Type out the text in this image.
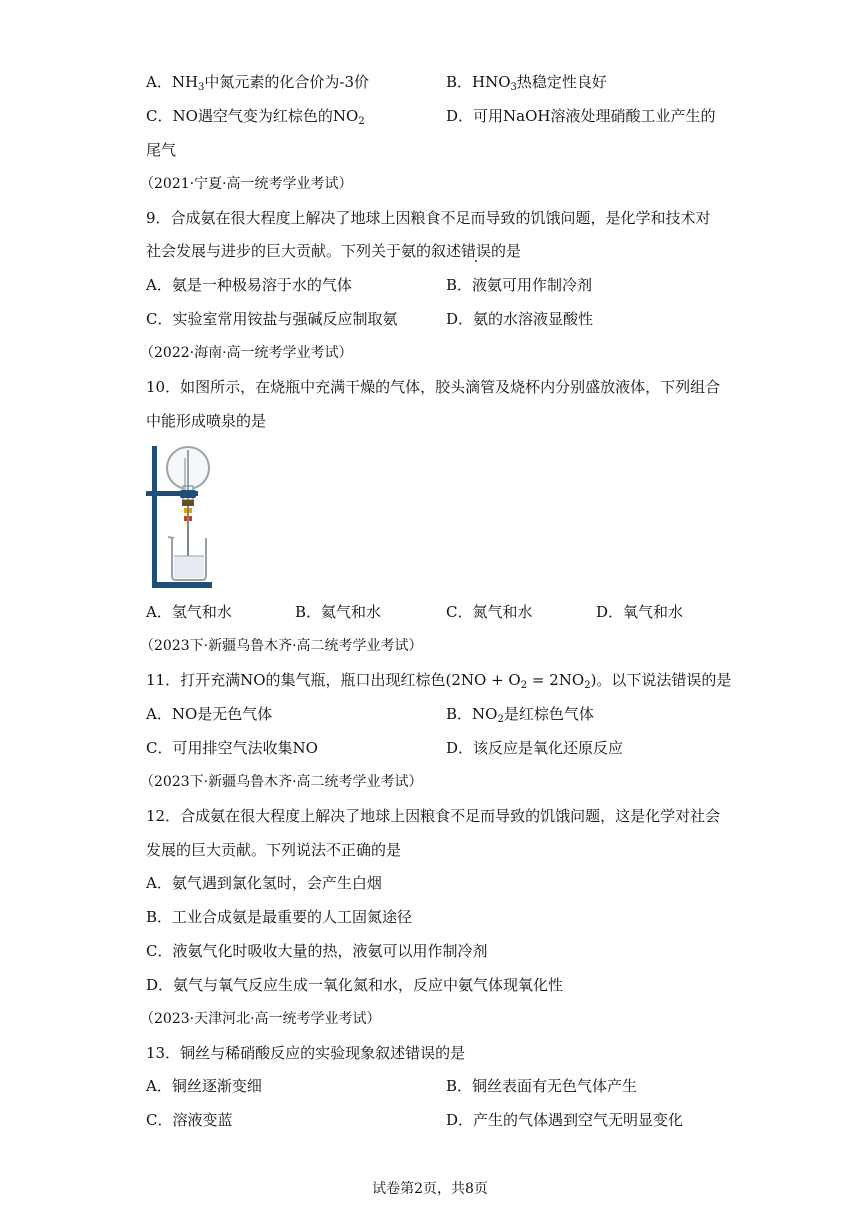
A．$NH_3$中氮元素的化合价为-3价	B．$HNO_3$热稳定性良好
C．NO遇空气变为红棕色的$NO_2$	D．可用NaOH溶液处理硝酸工业产生的
尾气
（2021·宁夏·高一统考学业考试）
9．合成氨在很大程度上解决了地球上因粮食不足而导致的饥饿问题，是化学和技术对
社会发展与进步的巨大贡献。下列关于氨的叙述错误的是
A．氨是一种极易溶于水的气体	B．液氨可用作制冷剂
C．实验室常用铵盐与强碱反应制取氨	D．氨的水溶液显酸性
（2022·海南·高一统考学业考试）
10．如图所示，在烧瓶中充满干燥的气体，胶头滴管及烧杯内分别盛放液体，下列组合
中能形成喷泉的是
A．氢气和水	B．氦气和水	C．氮气和水	D．氧气和水
（2023下·新疆乌鲁木齐·高二统考学业考试）
11．打开充满NO的集气瓶，瓶口出现红棕色$(2NO + O_2 = 2NO_2)$。以下说法错误的是
A．NO是无色气体	B．$NO_2$是红棕色气体
C．可用排空气法收集NO	D．该反应是氧化还原反应
（2023下·新疆乌鲁木齐·高二统考学业考试）
12．合成氨在很大程度上解决了地球上因粮食不足而导致的饥饿问题，这是化学对社会
发展的巨大贡献。下列说法不正确的是
A．氨气遇到氯化氢时，会产生白烟
B．工业合成氨是最重要的人工固氮途径
C．液氨气化时吸收大量的热，液氨可以用作制冷剂
D．氨气与氧气反应生成一氧化氮和水，反应中氨气体现氧化性
（2023·天津河北·高一统考学业考试）
13．铜丝与稀硝酸反应的实验现象叙述错误的是
A．铜丝逐渐变细	B．铜丝表面有无色气体产生
C．溶液变蓝	D．产生的气体遇到空气无明显变化
试卷第2页，共8页
